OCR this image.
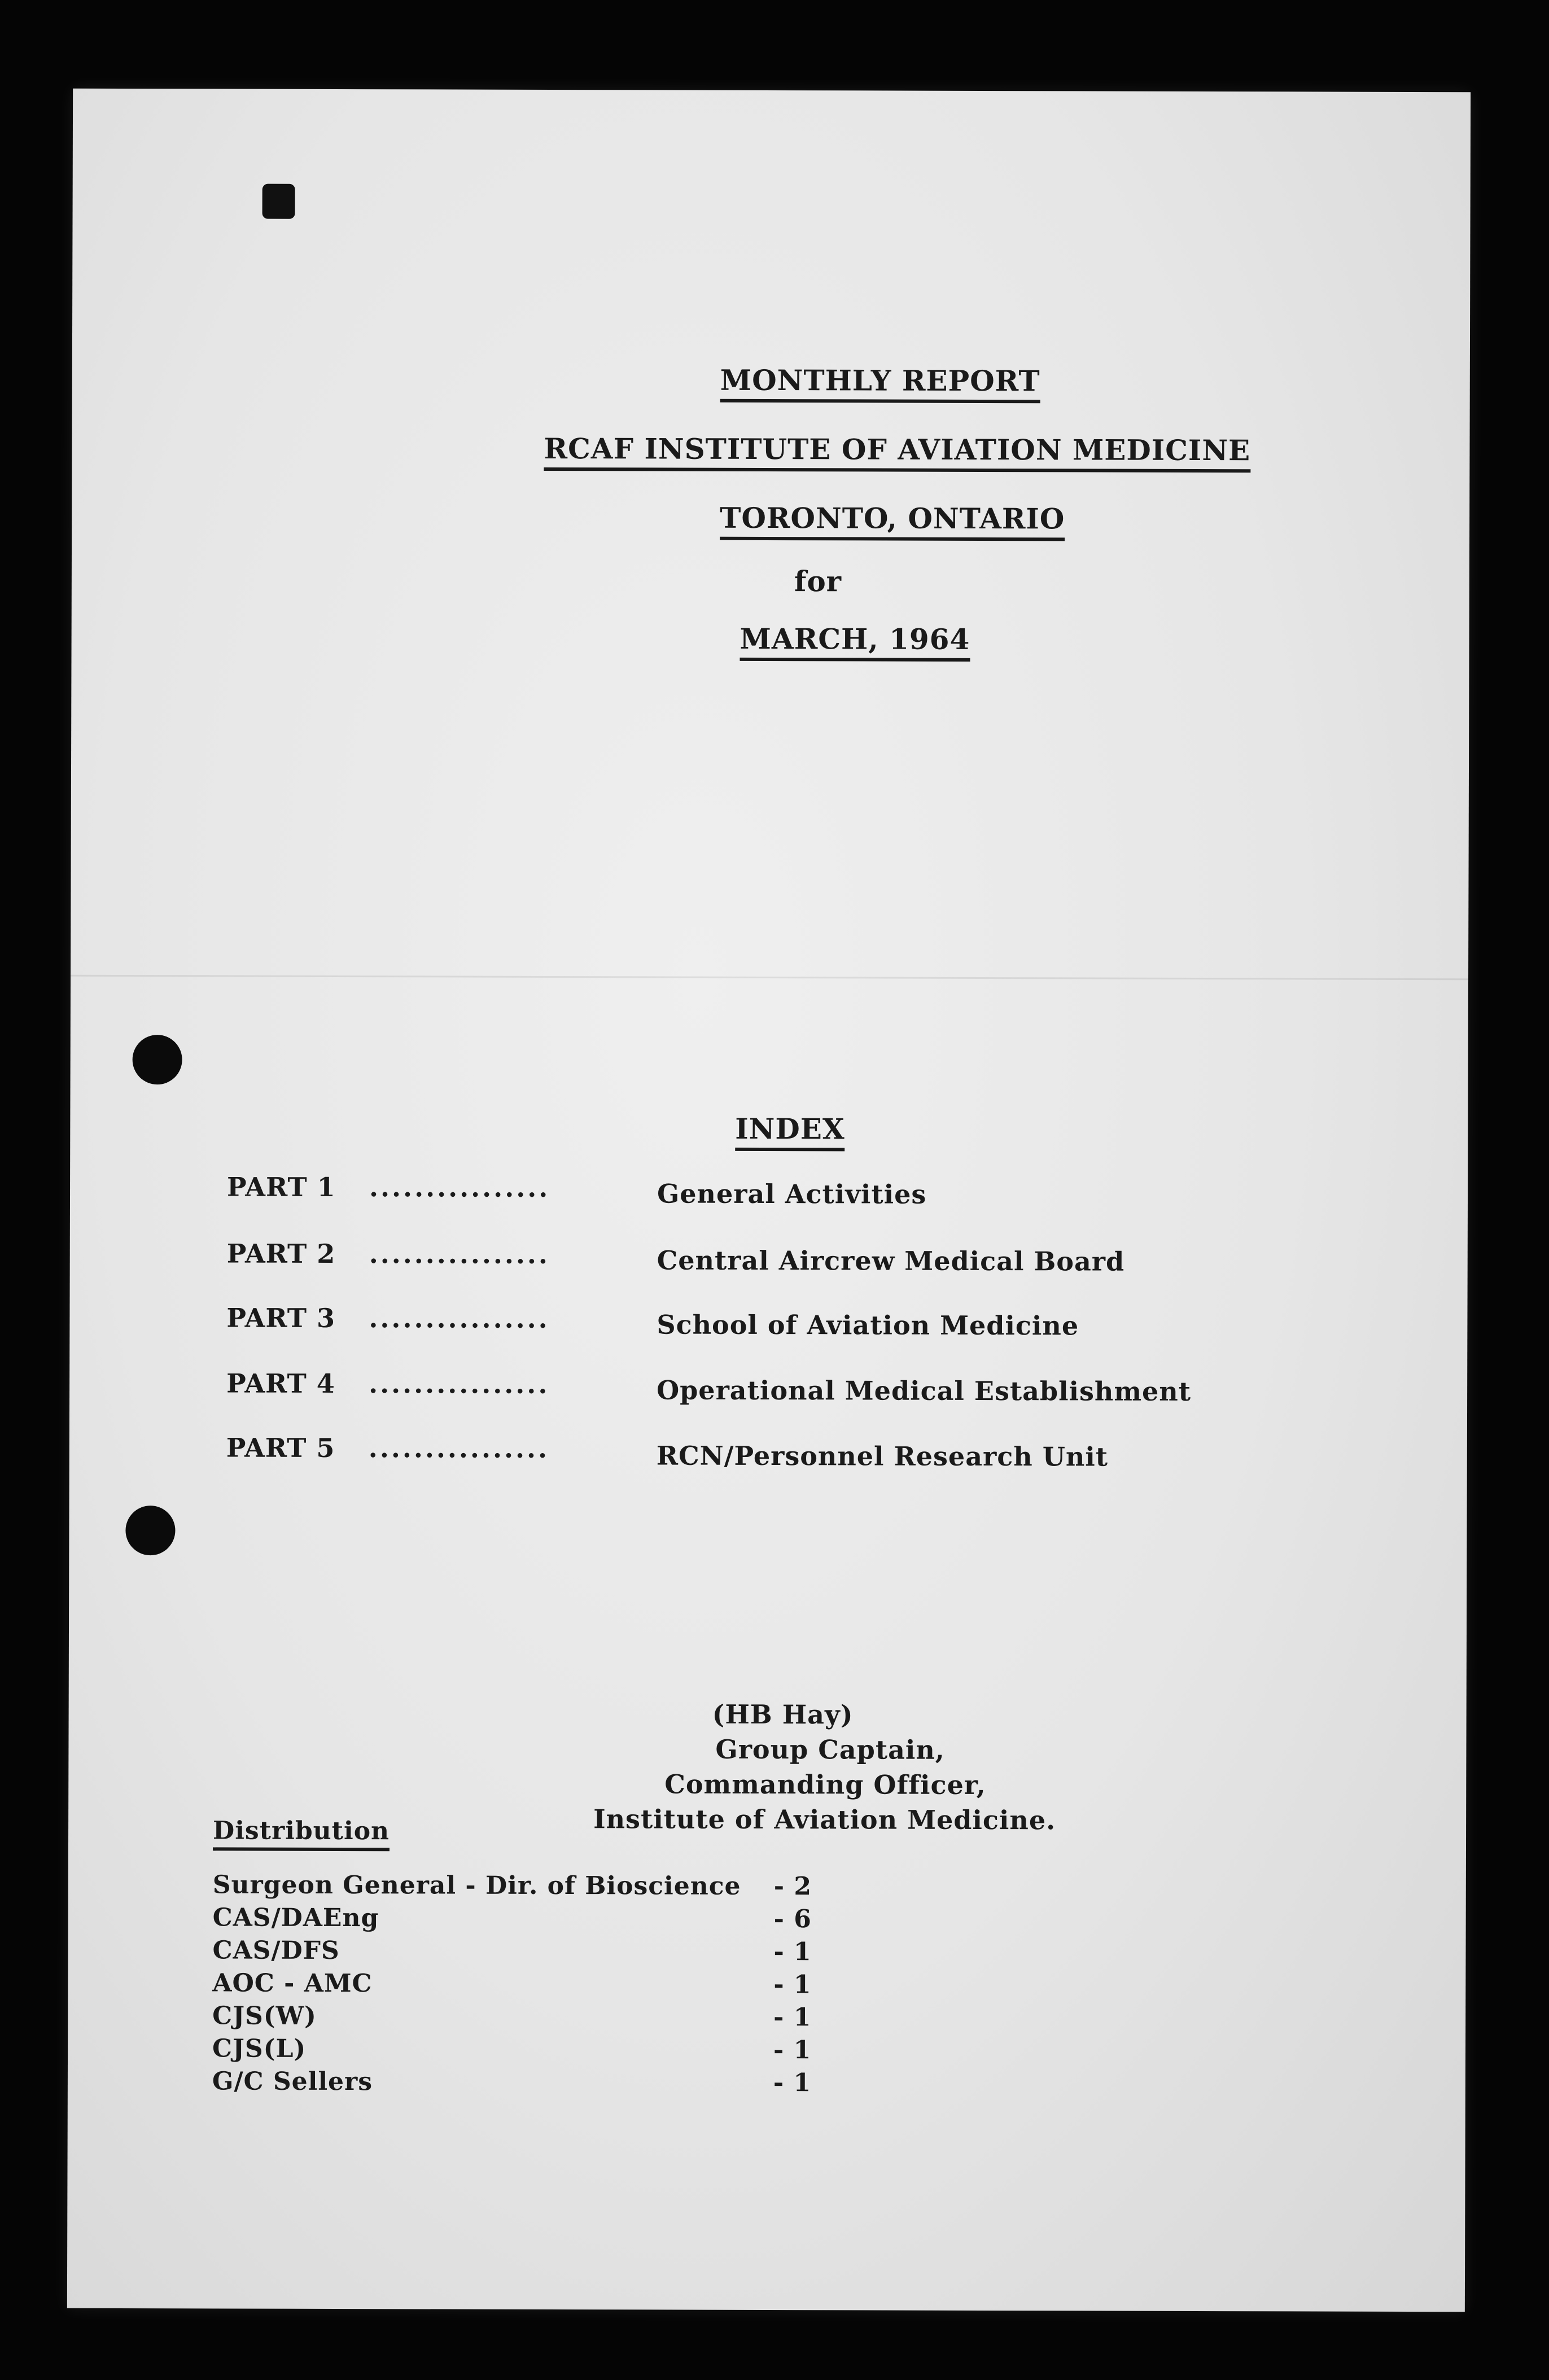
MONTHLY REPORT
RCAF INSTITUTE OF AVIATION MEDICINE
TORONTO, ONTARIO
for
MARCH, 1964
INDEX
PART 1 ................	General Activities
PART 2 ................	Central Aircrew Medical Board
PART 3 ................	School of Aviation Medicine
PART 4 ................	Operational Medical Establishment
PART 5 ................	RCN/Personnel Research Unit
(HB Hay)
Group Captain,
Commanding Officer,
Institute of Aviation Medicine.
Distribution
Surgeon General - Dir. of Bioscience - 2
CAS/DAEng	- 6
CAS/DFS	- 1
AOC - AMC	- 1
CJS(W)	- 1
CJS(L)	- 1
G/C Sellers	- 1
